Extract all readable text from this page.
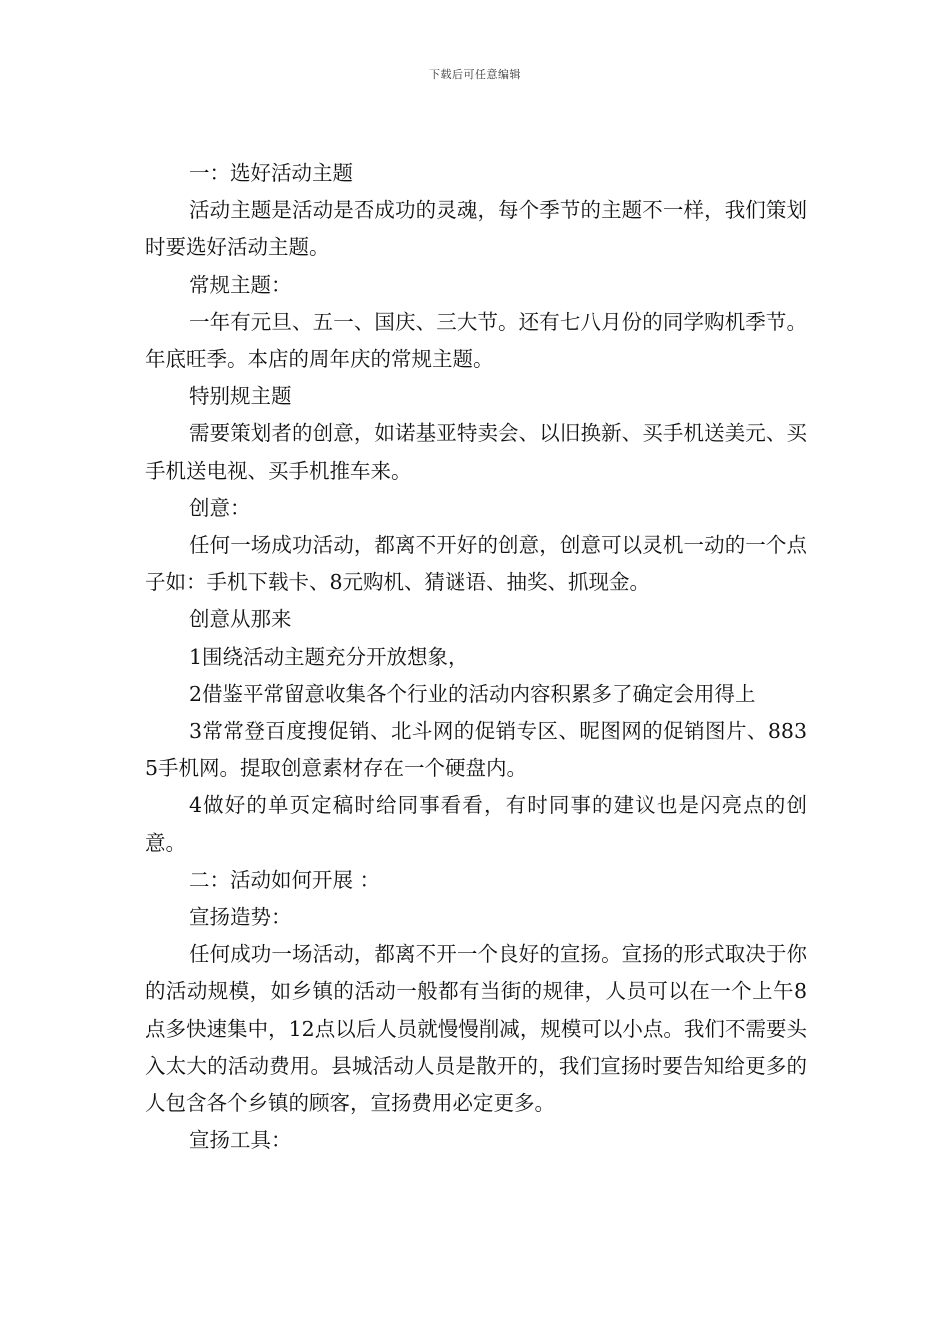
下载后可任意编辑

一：选好活动主题

活动主题是活动是否成功的灵魂，每个季节的主题不一样，我们策划时要选好活动主题。

常规主题：

一年有元旦、五一、国庆、三大节。还有七八月份的同学购机季节。年底旺季。本店的周年庆的常规主题。

特别规主题

需要策划者的创意，如诺基亚特卖会、以旧换新、买手机送美元、买手机送电视、买手机推车来。

创意：

任何一场成功活动，都离不开好的创意，创意可以灵机一动的一个点子如：手机下载卡、8元购机、猜谜语、抽奖、抓现金。

创意从那来

1围绕活动主题充分开放想象，

2借鉴平常留意收集各个行业的活动内容积累多了确定会用得上

3常常登百度搜促销、北斗网的促销专区、昵图网的促销图片、8835手机网。提取创意素材存在一个硬盘内。

4做好的单页定稿时给同事看看，有时同事的建议也是闪亮点的创意。

二：活动如何开展 ：

宣扬造势：

任何成功一场活动，都离不开一个良好的宣扬。宣扬的形式取决于你的活动规模，如乡镇的活动一般都有当街的规律，人员可以在一个上午8点多快速集中，12点以后人员就慢慢削减，规模可以小点。我们不需要头入太大的活动费用。县城活动人员是散开的，我们宣扬时要告知给更多的人包含各个乡镇的顾客，宣扬费用必定更多。

宣扬工具：
